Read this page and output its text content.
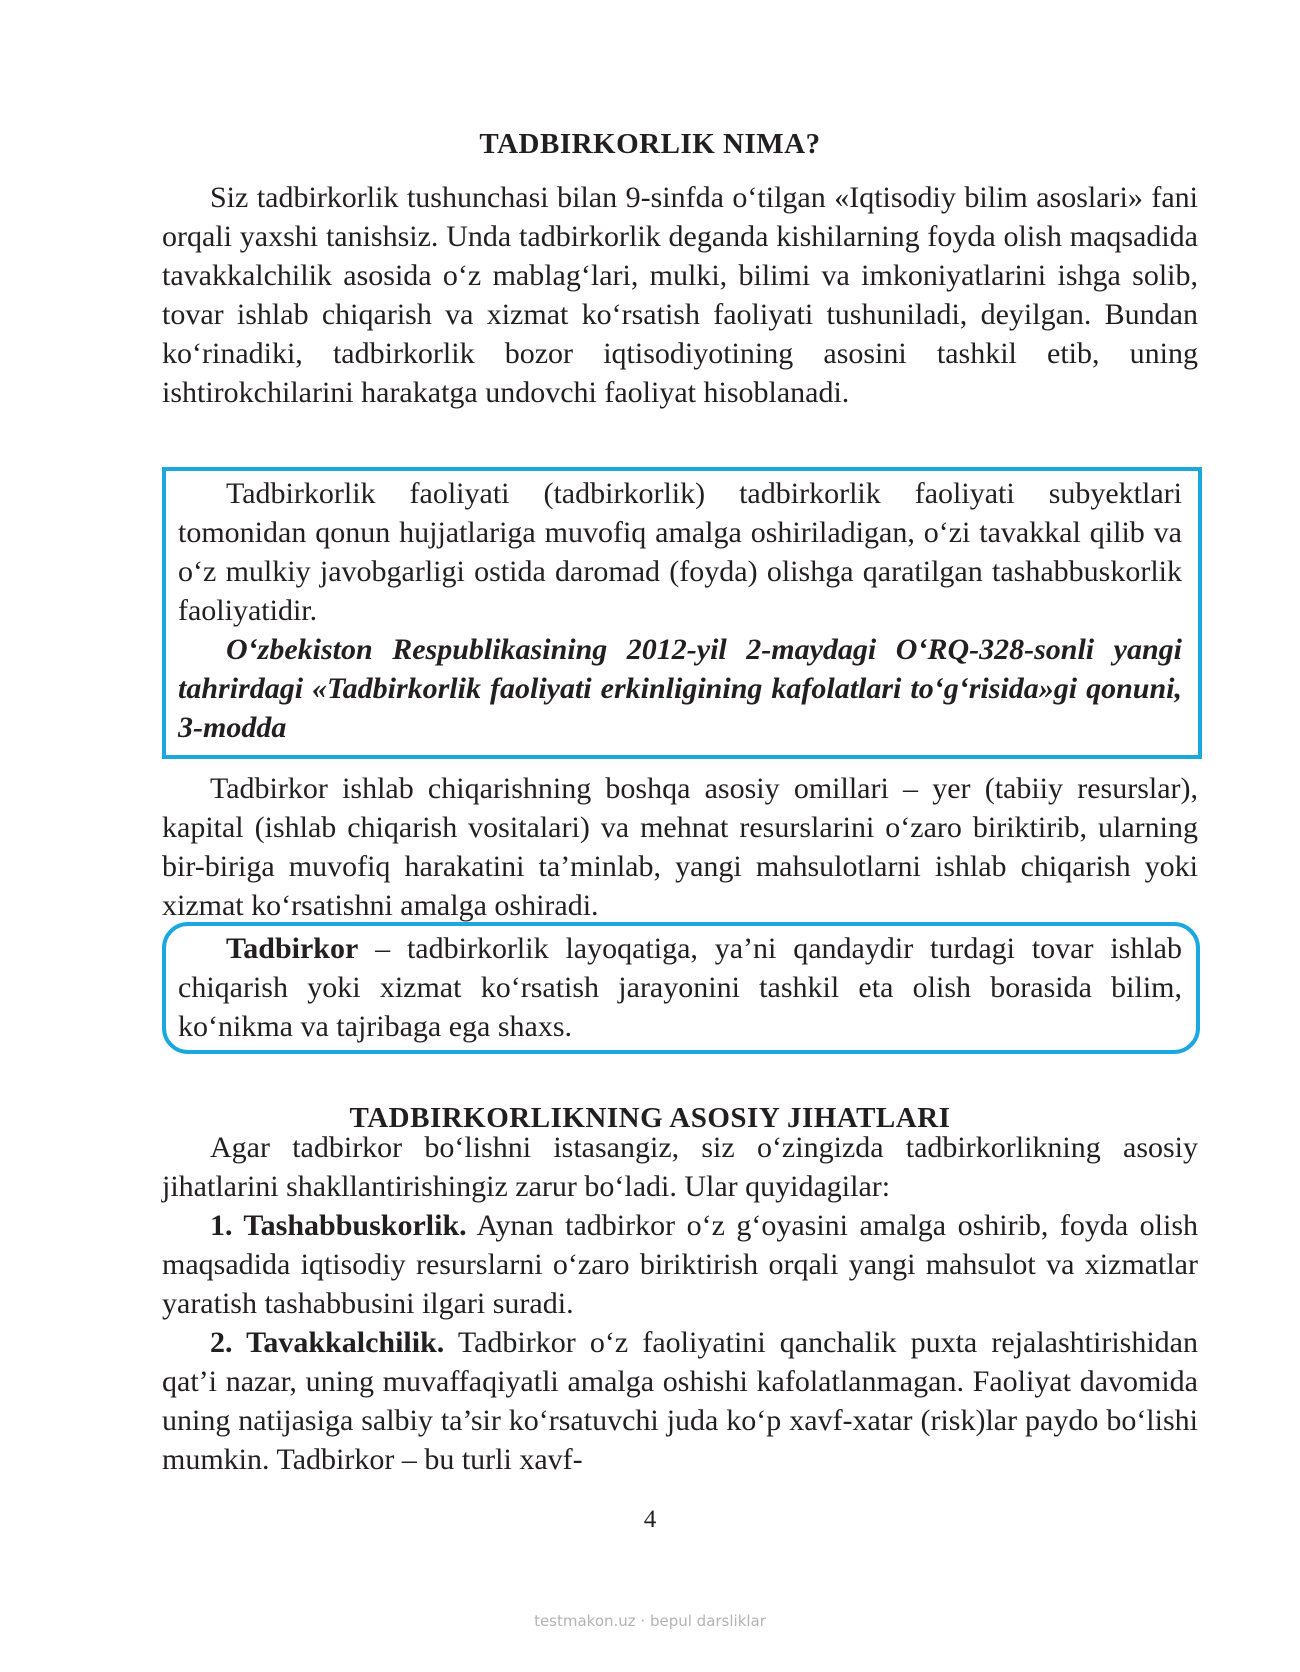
TADBIRKORLIK NIMA?

Siz tadbirkorlik tushunchasi bilan 9-sinfda o‘tilgan «Iqtisodiy bilim asoslari» fani orqali yaxshi tanishsiz. Unda tadbirkorlik deganda kishilarning foyda olish maqsadida tavakkalchilik asosida o‘z mablag‘lari, mulki, bilimi va imkoniyatlarini ishga solib, tovar ishlab chiqarish va xizmat ko‘rsatish faoliyati tushuniladi, deyilgan. Bundan ko‘rinadiki, tadbirkorlik bozor iqtisodiyotining asosini tashkil etib, uning ishtirokchilarini harakatga undovchi faoliyat hisoblanadi.

Tadbirkorlik faoliyati (tadbirkorlik) tadbirkorlik faoliyati subyektlari tomonidan qonun hujjatlariga muvofiq amalga oshiriladigan, o‘zi tavakkal qilib va o‘z mulkiy javobgarligi ostida daromad (foyda) olishga qaratilgan tashabbuskorlik faoliyatidir.

O‘zbekiston Respublikasining 2012-yil 2-maydagi O‘RQ-328-sonli yangi tahrirdagi «Tadbirkorlik faoliyati erkinligining kafolatlari to‘g‘risida»gi qonuni, 3-modda

Tadbirkor ishlab chiqarishning boshqa asosiy omillari – yer (tabiiy resurslar), kapital (ishlab chiqarish vositalari) va mehnat resurslarini o‘zaro biriktirib, ularning bir-biriga muvofiq harakatini ta’minlab, yangi mahsulotlarni ishlab chiqarish yoki xizmat ko‘rsatishni amalga oshiradi.

Tadbirkor – tadbirkorlik layoqatiga, ya’ni qandaydir turdagi tovar ishlab chiqarish yoki xizmat ko‘rsatish jarayonini tashkil eta olish borasida bilim, ko‘nikma va tajribaga ega shaxs.

TADBIRKORLIKNING ASOSIY JIHATLARI

Agar tadbirkor bo‘lishni istasangiz, siz o‘zingizda tadbirkorlikning asosiy jihatlarini shakllantirishingiz zarur bo‘ladi. Ular quyidagilar:

1. Tashabbuskorlik. Aynan tadbirkor o‘z g‘oyasini amalga oshirib, foyda olish maqsadida iqtisodiy resurslarni o‘zaro biriktirish orqali yangi mahsulot va xizmatlar yaratish tashabbusini ilgari suradi.

2. Tavakkalchilik. Tadbirkor o‘z faoliyatini qanchalik puxta rejalashtirishidan qat’i nazar, uning muvaffaqiyatli amalga oshishi kafolatlanmagan. Faoliyat davomida uning natijasiga salbiy ta’sir ko‘rsatuvchi juda ko‘p xavf-xatar (risk)lar paydo bo‘lishi mumkin. Tadbirkor – bu turli xavf-

4
testmakon.uz · bepul darsliklar
